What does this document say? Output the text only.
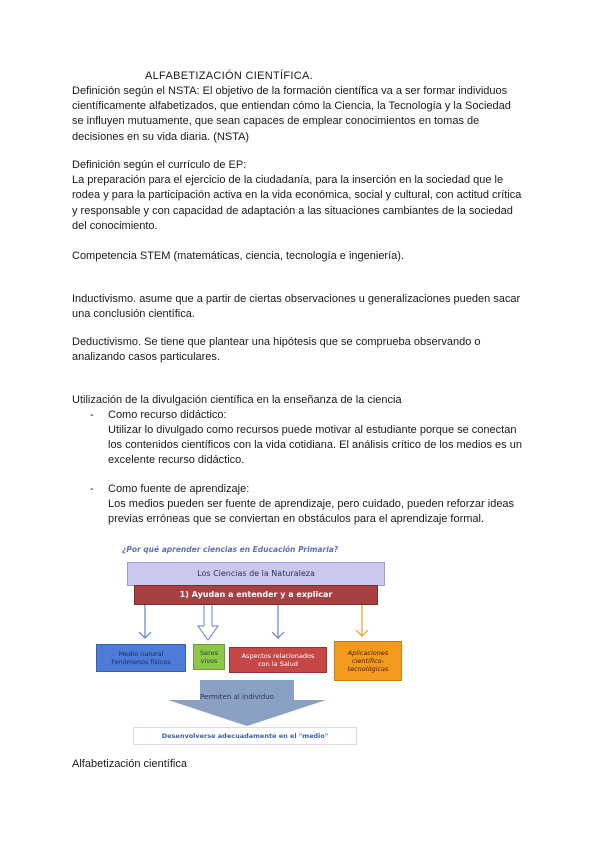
ALFABETIZACIÓN CIENTÍFICA.

Definición según el NSTA: El objetivo de la formación científica va a ser formar individuos
científicamente alfabetizados, que entiendan cómo la Ciencia, la Tecnología y la Sociedad
se influyen mutuamente, que sean capaces de emplear conocimientos en tomas de
decisiones en su vida diaria. (NSTA)

Definición según el currículo de EP:
La preparación para el ejercicio de la ciudadanía, para la inserción en la sociedad que le
rodea y para la participación activa en la vida económica, social y cultural, con actitud crítica
y responsable y con capacidad de adaptación a las situaciones cambiantes de la sociedad
del conocimiento.

Competencia STEM (matemáticas, ciencia, tecnología e ingeniería).

Inductivismo. asume que a partir de ciertas observaciones u generalizaciones pueden sacar
una conclusión científica.

Deductivismo. Se tiene que plantear una hipótesis que se comprueba observando o
analizando casos particulares.

Utilización de la divulgación científica en la enseñanza de la ciencia

- Como recurso didáctico:

Utilizar lo divulgado como recursos puede motivar al estudiante porque se conectan
los contenidos científicos con la vida cotidiana. El análisis crítico de los medios es un
excelente recurso didáctico.

- Como fuente de aprendizaje:

Los medios pueden ser fuente de aprendizaje, pero cuidado, pueden reforzar ideas
previas erróneas que se conviertan en obstáculos para el aprendizaje formal.

¿Por qué aprender ciencias en Educación Primaria?
Los Ciencias de la Naturaleza
1) Ayudan a entender y a explicar
Medio natural
Fenómenos físicos
Seres
vivos
Aspectos relacionados
con la Salud
Aplicaciones
científico-
tecnológicas
Permiten al individuo
Desenvolverse adecuadamente en el "medio"

Alfabetización científica
